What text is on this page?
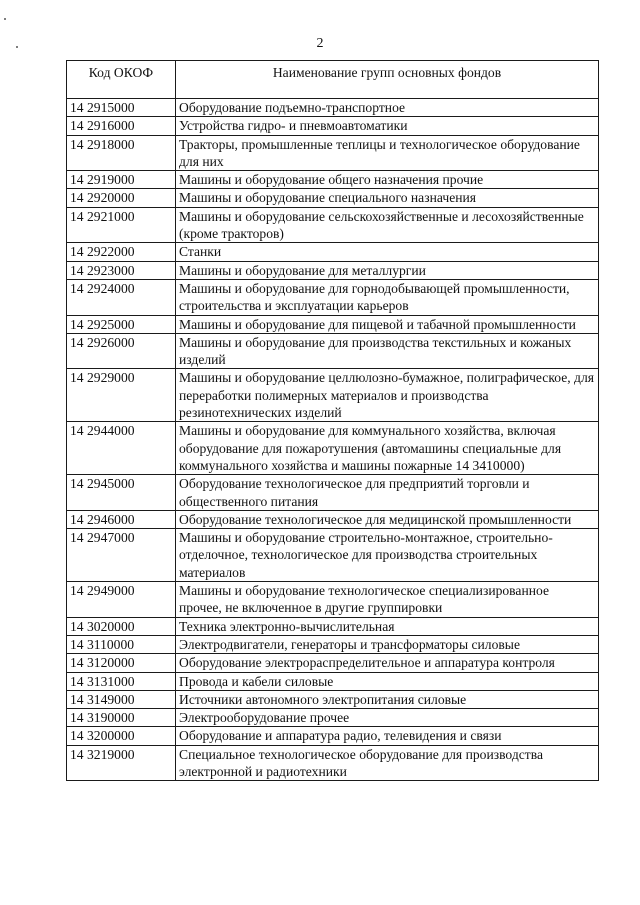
2
Код ОКОФ	Наименование групп основных фондов
14 2915000	Оборудование подъемно-транспортное
14 2916000	Устройства гидро- и пневмоавтоматики
14 2918000	Тракторы, промышленные теплицы и технологическое оборудование для них
14 2919000	Машины и оборудование общего назначения прочие
14 2920000	Машины и оборудование специального назначения
14 2921000	Машины и оборудование сельскохозяйственные и лесохозяйственные (кроме тракторов)
14 2922000	Станки
14 2923000	Машины и оборудование для металлургии
14 2924000	Машины и оборудование для горнодобывающей промышленности, строительства и эксплуатации карьеров
14 2925000	Машины и оборудование для пищевой и табачной промышленности
14 2926000	Машины и оборудование для производства текстильных и кожаных изделий
14 2929000	Машины и оборудование целлюлозно-бумажное, полиграфическое, для переработки полимерных материалов и производства резинотехнических изделий
14 2944000	Машины и оборудование для коммунального хозяйства, включая оборудование для пожаротушения (автомашины специальные для коммунального хозяйства и машины пожарные 14 3410000)
14 2945000	Оборудование технологическое для предприятий торговли и общественного питания
14 2946000	Оборудование технологическое для медицинской промышленности
14 2947000	Машины и оборудование строительно-монтажное, строительно-отделочное, технологическое для производства строительных материалов
14 2949000	Машины и оборудование технологическое специализированное прочее, не включенное в другие группировки
14 3020000	Техника электронно-вычислительная
14 3110000	Электродвигатели, генераторы и трансформаторы силовые
14 3120000	Оборудование электрораспределительное и аппаратура контроля
14 3131000	Провода и кабели силовые
14 3149000	Источники автономного электропитания силовые
14 3190000	Электрооборудование прочее
14 3200000	Оборудование и аппаратура радио, телевидения и связи
14 3219000	Специальное технологическое оборудование для производства электронной и радиотехники
